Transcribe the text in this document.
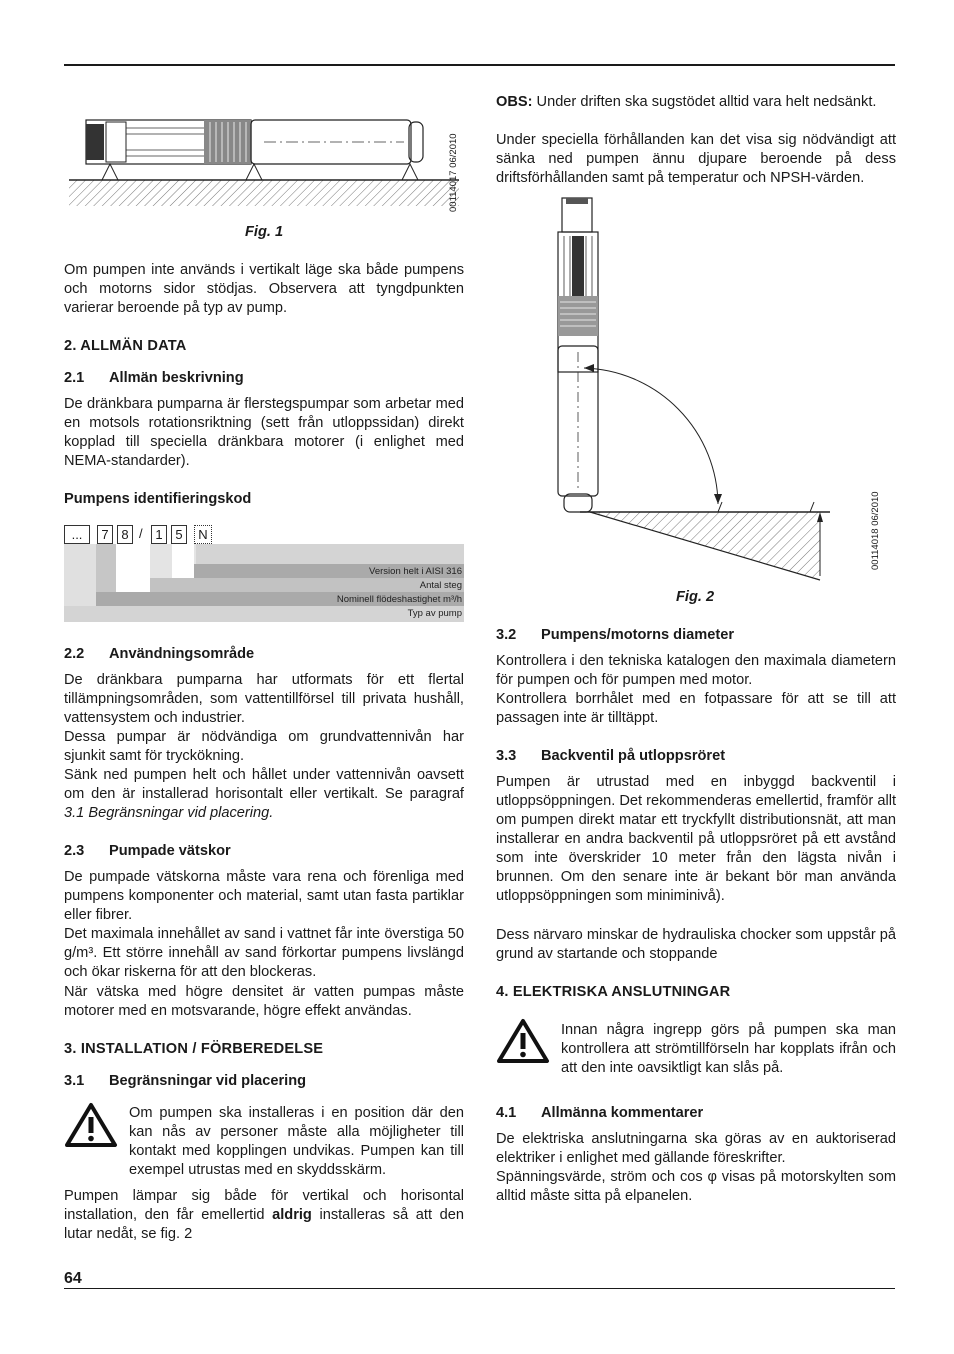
00114017 06/2010
Fig. 1

Om pumpen inte används i vertikalt läge ska både pumpens och motorns sidor stödjas. Observera att tyngdpunkten varierar beroende på typ av pump.

2. ALLMÄN DATA
2.1 Allmän beskrivning

De dränkbara pumparna är flerstegspumpar som arbetar med en motsols rotationsriktning (sett från utloppssidan) direkt kopplad till speciella dränkbara motorer (i enlighet med NEMA-standarder).

Pumpens identifieringskod
...	7 8 / 1 5	N
Version helt i AISI 316
Antal steg
Nominell flödeshastighet m³/h
Typ av pump
2.2 Användningsområde

De dränkbara pumparna har utformats för ett flertal tillämpningsområden, som vattentillförsel till privata hushåll, vattensystem och industrier.

Dessa pumpar är nödvändiga om grundvattennivån har sjunkit samt för tryckökning.

Sänk ned pumpen helt och hållet under vattennivån oavsett om den är installerad horisontalt eller vertikalt. Se paragraf 3.1 Begränsningar vid placering.

2.3 Pumpade vätskor

De pumpade vätskorna måste vara rena och förenliga med pumpens komponenter och material, samt utan fasta partiklar eller fibrer.

Det maximala innehållet av sand i vattnet får inte överstiga 50 g/m³. Ett större innehåll av sand förkortar pumpens livslängd och ökar riskerna för att den blockeras.

När vätska med högre densitet är vatten pumpas måste motorer med en motsvarande, högre effekt användas.

3. INSTALLATION / FÖRBEREDELSE
3.1 Begränsningar vid placering

Om pumpen ska installeras i en position där den kan nås av personer måste alla möjligheter till kontakt med kopplingen undvikas. Pumpen kan till exempel utrustas med en skyddsskärm.

Pumpen lämpar sig både för vertikal och horisontal installation, den får emellertid aldrig installeras så att den lutar nedåt, se fig. 2

OBS: Under driften ska sugstödet alltid vara helt nedsänkt.

Under speciella förhållanden kan det visa sig nödvändigt att sänka ned pumpen ännu djupare beroende på dess driftsförhållanden samt på temperatur och NPSH-värden.

00114018 06/2010
Fig. 2
3.2 Pumpens/motorns diameter

Kontrollera i den tekniska katalogen den maximala diametern för pumpen och för pumpen med motor.

Kontrollera borrhålet med en fotpassare för att se till att passagen inte är tilltäppt.

3.3 Backventil på utloppsröret

Pumpen är utrustad med en inbyggd backventil i utloppsöppningen. Det rekommenderas emellertid, framför allt om pumpen direkt matar ett tryckfyllt distributionsnät, att man installerar en andra backventil på utloppsröret på ett avstånd som inte överskrider 10 meter från den lägsta nivån i brunnen. Om den senare inte är bekant bör man använda utloppsöppningen som miniminivå).

Dess närvaro minskar de hydrauliska chocker som uppstår på grund av startande och stoppande

4. ELEKTRISKA ANSLUTNINGAR

Innan några ingrepp görs på pumpen ska man kontrollera att strömtillförseln har kopplats ifrån och att den inte oavsiktligt kan slås på.

4.1 Allmänna kommentarer

De elektriska anslutningarna ska göras av en auktoriserad elektriker i enlighet med gällande föreskrifter.

Spänningsvärde, ström och cos φ visas på motorskylten som alltid måste sitta på elpanelen.

64
